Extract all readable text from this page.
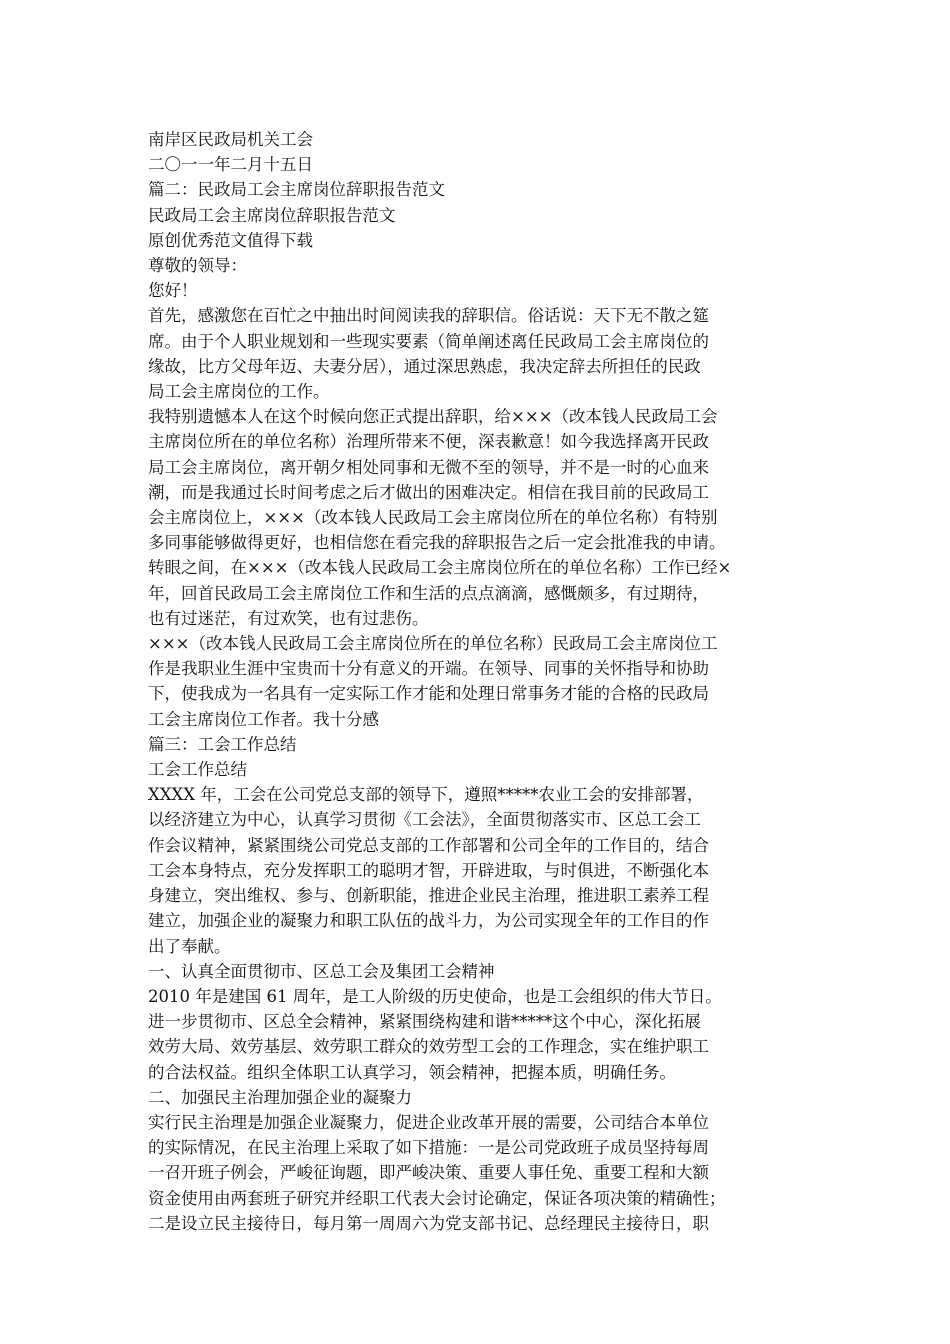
南岸区民政局机关工会
二〇一一年二月十五日
篇二：民政局工会主席岗位辞职报告范文
民政局工会主席岗位辞职报告范文
原创优秀范文值得下载
尊敬的领导：
您好！
首先，感激您在百忙之中抽出时间阅读我的辞职信。俗话说：天下无不散之筵
席。由于个人职业规划和一些现实要素（简单阐述离任民政局工会主席岗位的
缘故，比方父母年迈、夫妻分居），通过深思熟虑，我决定辞去所担任的民政
局工会主席岗位的工作。
我特别遗憾本人在这个时候向您正式提出辞职，给×××（改本钱人民政局工会
主席岗位所在的单位名称）治理所带来不便，深表歉意！如今我选择离开民政
局工会主席岗位，离开朝夕相处同事和无微不至的领导，并不是一时的心血来
潮，而是我通过长时间考虑之后才做出的困难决定。相信在我目前的民政局工
会主席岗位上，×××（改本钱人民政局工会主席岗位所在的单位名称）有特别
多同事能够做得更好，也相信您在看完我的辞职报告之后一定会批准我的申请。
转眼之间，在×××（改本钱人民政局工会主席岗位所在的单位名称）工作已经×
年，回首民政局工会主席岗位工作和生活的点点滴滴，感慨颇多，有过期待，
也有过迷茫，有过欢笑，也有过悲伤。
×××（改本钱人民政局工会主席岗位所在的单位名称）民政局工会主席岗位工
作是我职业生涯中宝贵而十分有意义的开端。在领导、同事的关怀指导和协助
下，使我成为一名具有一定实际工作才能和处理日常事务才能的合格的民政局
工会主席岗位工作者。我十分感
篇三：工会工作总结
工会工作总结
XXXX 年，工会在公司党总支部的领导下，遵照*****农业工会的安排部署，
以经济建立为中心，认真学习贯彻《工会法》，全面贯彻落实市、区总工会工
作会议精神，紧紧围绕公司党总支部的工作部署和公司全年的工作目的，结合
工会本身特点，充分发挥职工的聪明才智，开辟进取，与时俱进，不断强化本
身建立，突出维权、参与、创新职能，推进企业民主治理，推进职工素养工程
建立，加强企业的凝聚力和职工队伍的战斗力，为公司实现全年的工作目的作
出了奉献。
一、认真全面贯彻市、区总工会及集团工会精神
2010 年是建国 61 周年，是工人阶级的历史使命，也是工会组织的伟大节日。
进一步贯彻市、区总全会精神，紧紧围绕构建和谐*****这个中心，深化拓展
效劳大局、效劳基层、效劳职工群众的效劳型工会的工作理念，实在维护职工
的合法权益。组织全体职工认真学习，领会精神，把握本质，明确任务。
二、加强民主治理加强企业的凝聚力
实行民主治理是加强企业凝聚力，促进企业改革开展的需要，公司结合本单位
的实际情况，在民主治理上采取了如下措施：一是公司党政班子成员坚持每周
一召开班子例会，严峻征询题，即严峻决策、重要人事任免、重要工程和大额
资金使用由两套班子研究并经职工代表大会讨论确定，保证各项决策的精确性；
二是设立民主接待日，每月第一周周六为党支部书记、总经理民主接待日，职
